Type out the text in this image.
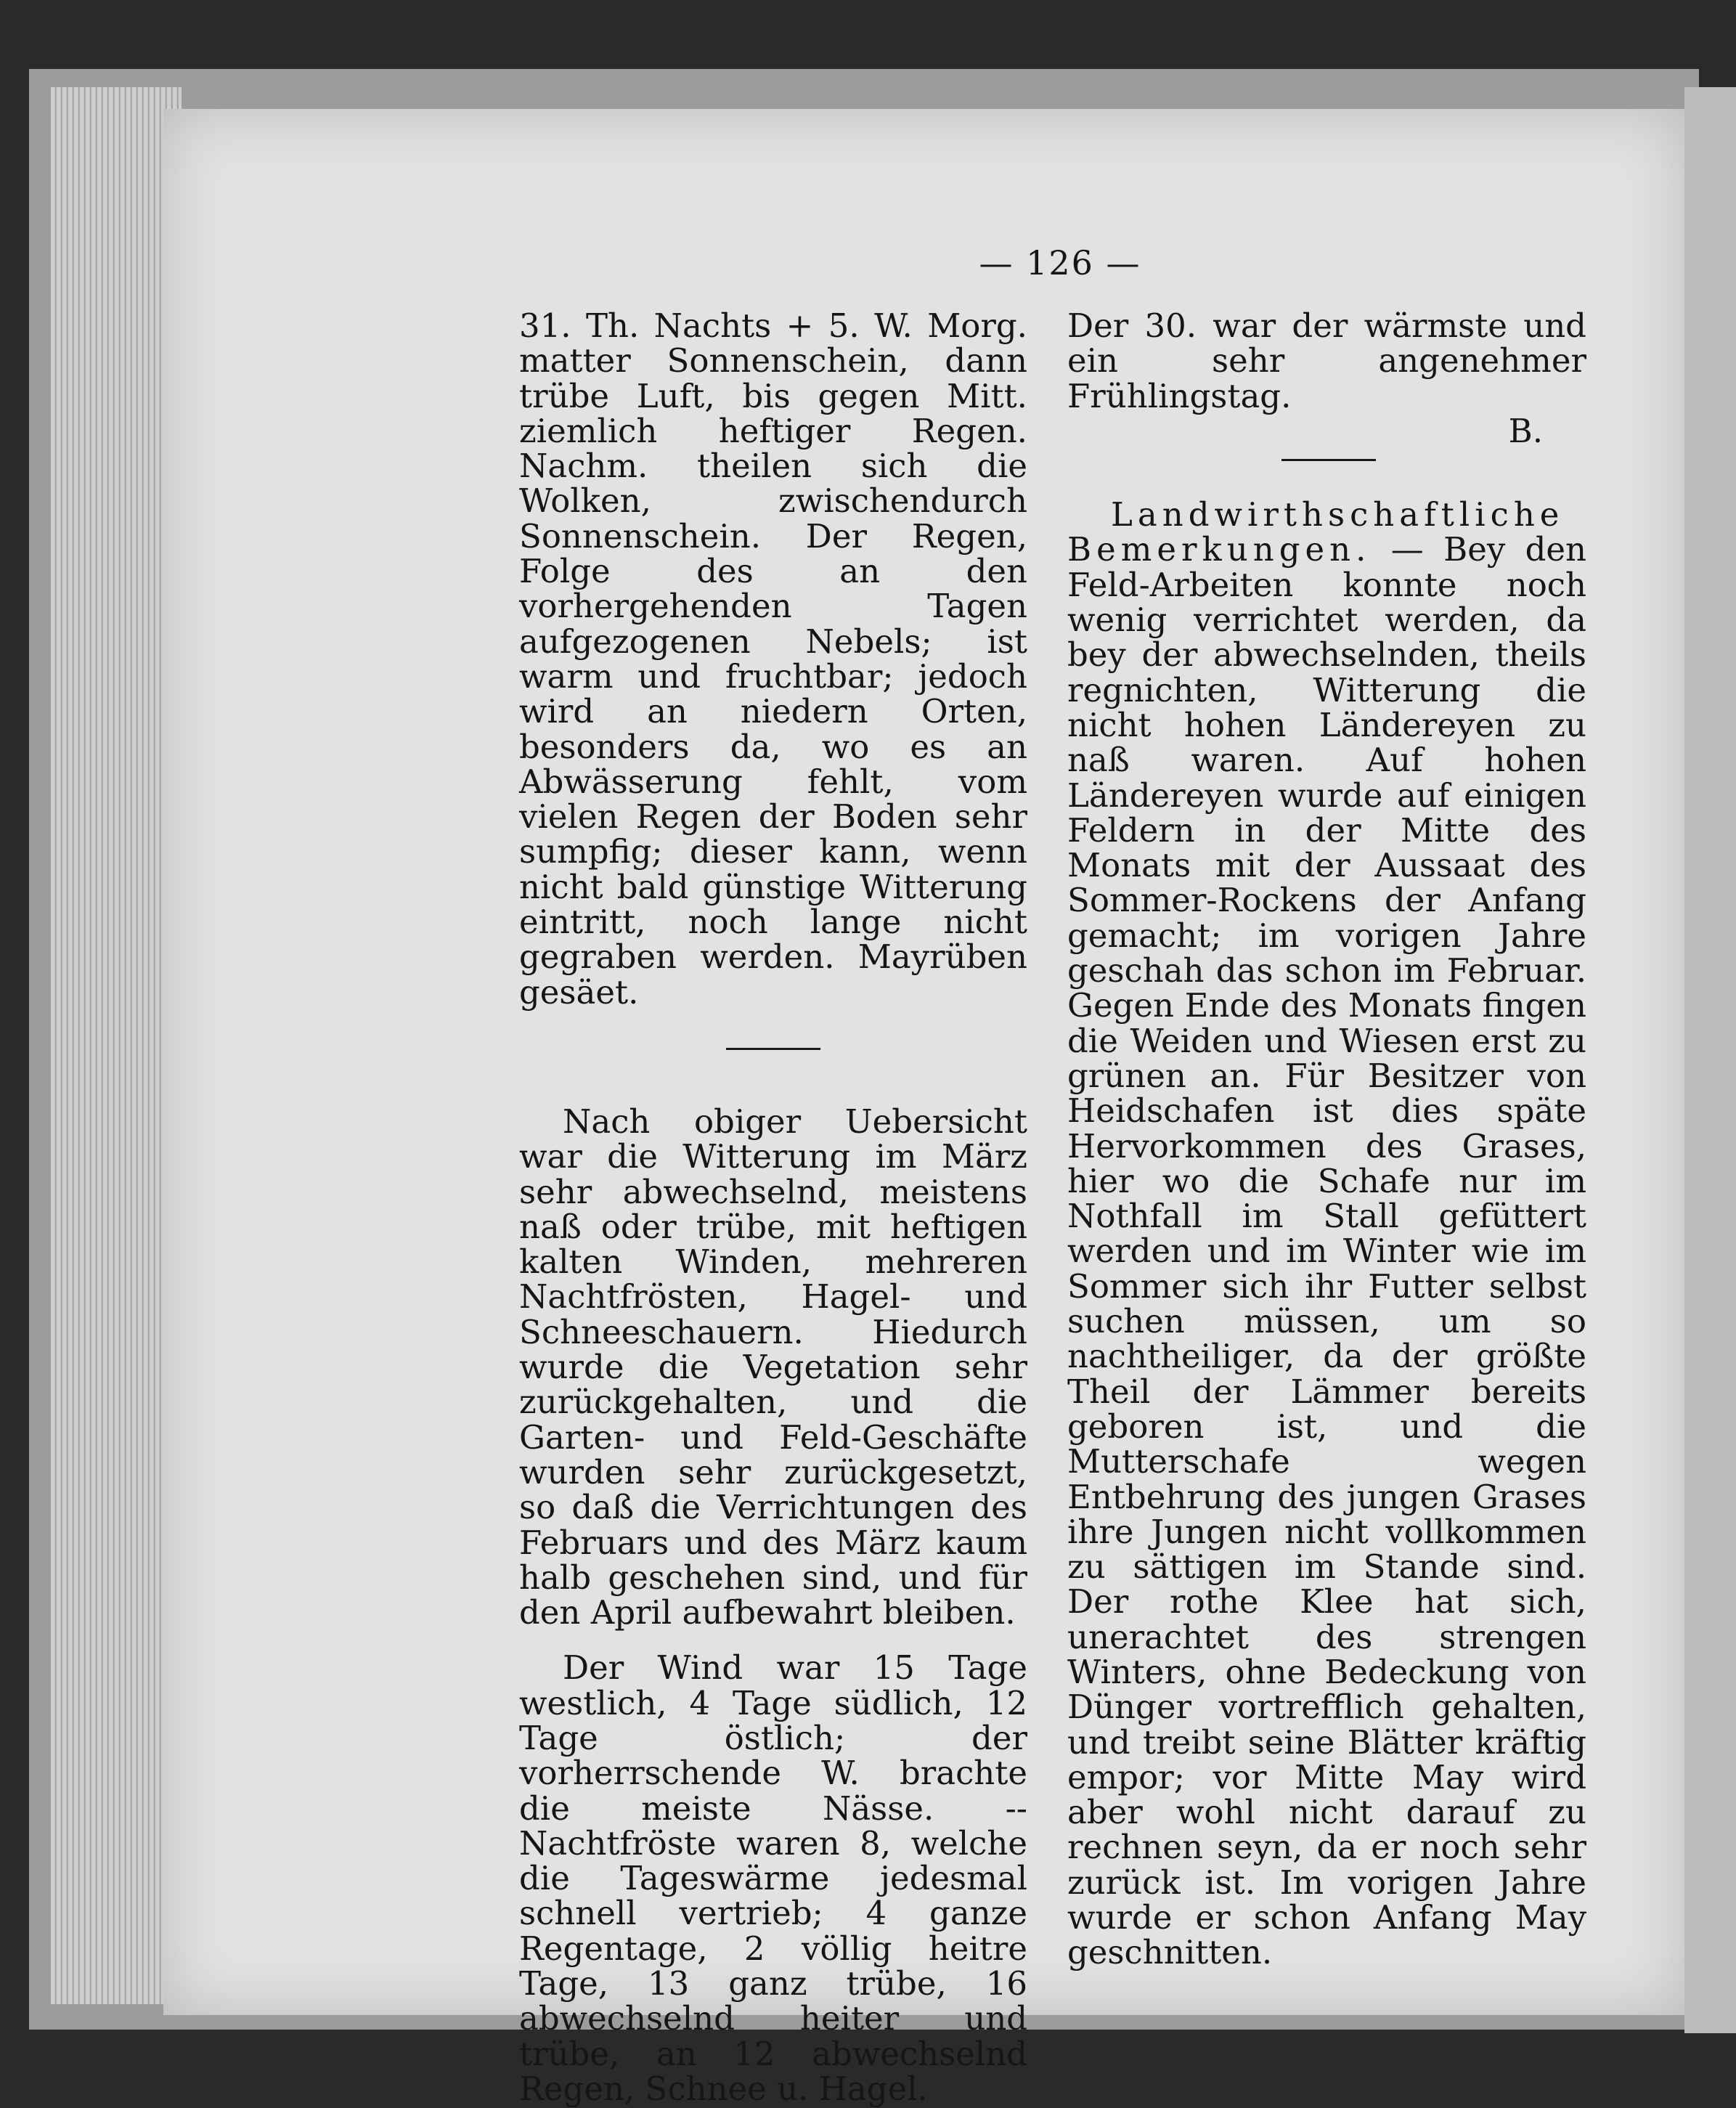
— 126 —

31. Th. Nachts + 5. W. Morg. matter Sonnenschein, dann trübe Luft, bis gegen Mitt. ziemlich heftiger Regen. Nachm. theilen sich die Wolken, zwischendurch Sonnenschein. Der Regen, Folge des an den vorhergehenden Tagen aufgezogenen Nebels; ist warm und fruchtbar; jedoch wird an niedern Orten, besonders da, wo es an Abwässerung fehlt, vom vielen Regen der Boden sehr sumpfig; dieser kann, wenn nicht bald günstige Witterung eintritt, noch lange nicht gegraben werden. Mayrüben gesäet.

Nach obiger Uebersicht war die Witterung im März sehr abwechselnd, meistens naß oder trübe, mit heftigen kalten Winden, mehreren Nachtfrösten, Hagel- und Schneeschauern. Hiedurch wurde die Vegetation sehr zurückgehalten, und die Garten- und Feld-Geschäfte wurden sehr zurückgesetzt, so daß die Verrichtungen des Februars und des März kaum halb geschehen sind, und für den April aufbewahrt bleiben.

Der Wind war 15 Tage westlich, 4 Tage südlich, 12 Tage östlich; der vorherrschende W. brachte die meiste Nässe. -- Nachtfröste waren 8, welche die Tageswärme jedesmal schnell vertrieb; 4 ganze Regentage, 2 völlig heitre Tage, 13 ganz trübe, 16 abwechselnd heiter und trübe, an 12 abwechselnd Regen, Schnee u. Hagel.

Der 30. war der wärmste und ein sehr angenehmer Frühlingstag.

B.

Landwirthschaftliche Bemerkungen. — Bey den Feld-Arbeiten konnte noch wenig verrichtet werden, da bey der abwechselnden, theils regnichten, Witterung die nicht hohen Ländereyen zu naß waren. Auf hohen Ländereyen wurde auf einigen Feldern in der Mitte des Monats mit der Aussaat des Sommer-Rockens der Anfang gemacht; im vorigen Jahre geschah das schon im Februar. Gegen Ende des Monats fingen die Weiden und Wiesen erst zu grünen an. Für Besitzer von Heidschafen ist dies späte Hervorkommen des Grases, hier wo die Schafe nur im Nothfall im Stall gefüttert werden und im Winter wie im Sommer sich ihr Futter selbst suchen müssen, um so nachtheiliger, da der größte Theil der Lämmer bereits geboren ist, und die Mutterschafe wegen Entbehrung des jungen Grases ihre Jungen nicht vollkommen zu sättigen im Stande sind. Der rothe Klee hat sich, unerachtet des strengen Winters, ohne Bedeckung von Dünger vortrefflich gehalten, und treibt seine Blätter kräftig empor; vor Mitte May wird aber wohl nicht darauf zu rechnen seyn, da er noch sehr zurück ist. Im vorigen Jahre wurde er schon Anfang May geschnitten.
